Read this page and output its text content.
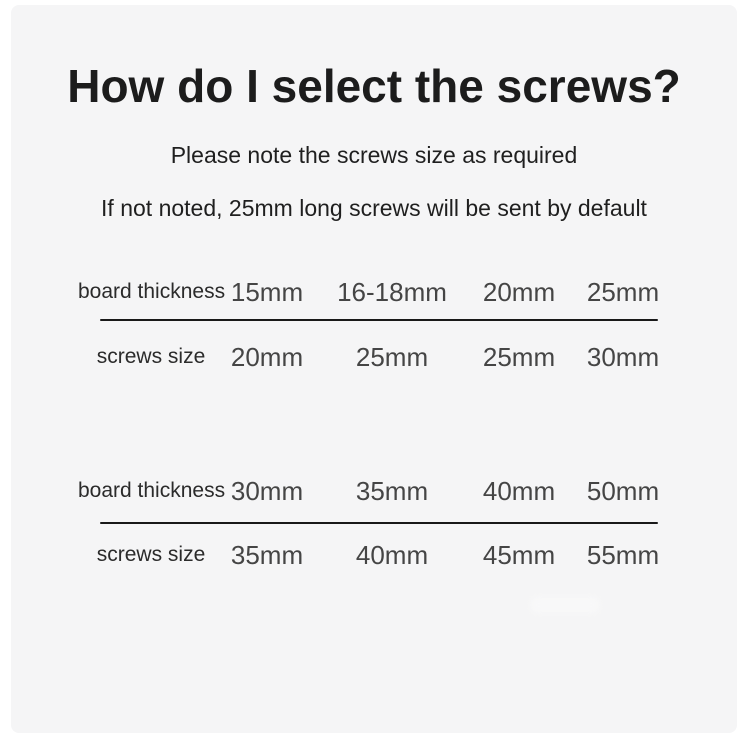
How do I select the screws?

Please note the screws size as required

If not noted, 25mm long screws will be sent by default

board thickness 15mm	16-18mm	20mm	25mm
screws size 20mm	25mm	25mm	30mm
board thickness 30mm	35mm	40mm	50mm
screws size 35mm	40mm	45mm	55mm
